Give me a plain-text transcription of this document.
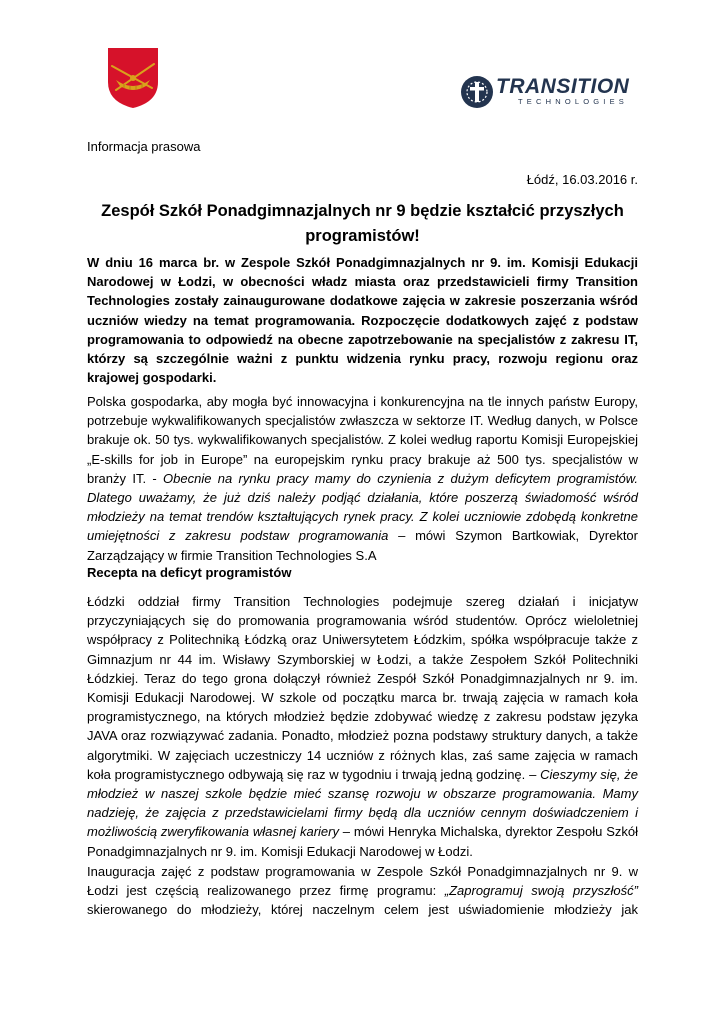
TRANSITION
TECHNOLOGIES
Informacja prasowa
Łódź, 16.03.2016 r.
Zespół Szkół Ponadgimnazjalnych nr 9 będzie kształcić przyszłych programistów!

W dniu 16 marca br. w Zespole Szkół Ponadgimnazjalnych nr 9. im. Komisji Edukacji Narodowej w Łodzi, w obecności władz miasta oraz przedstawicieli firmy Transition Technologies zostały zainaugurowane dodatkowe zajęcia w zakresie poszerzania wśród uczniów wiedzy na temat programowania. Rozpoczęcie dodatkowych zajęć z podstaw programowania to odpowiedź na obecne zapotrzebowanie na specjalistów z zakresu IT, którzy są szczególnie ważni z punktu widzenia rynku pracy, rozwoju regionu oraz krajowej gospodarki.

Polska gospodarka, aby mogła być innowacyjna i konkurencyjna na tle innych państw Europy, potrzebuje wykwalifikowanych specjalistów zwłaszcza w sektorze IT. Według danych, w Polsce brakuje ok. 50 tys. wykwalifikowanych specjalistów. Z kolei według raportu Komisji Europejskiej „E-skills for job in Europe” na europejskim rynku pracy brakuje aż 500 tys. specjalistów w branży IT. - Obecnie na rynku pracy mamy do czynienia z dużym deficytem programistów. Dlatego uważamy, że już dziś należy podjąć działania, które poszerzą świadomość wśród młodzieży na temat trendów kształtujących rynek pracy. Z kolei uczniowie zdobędą konkretne umiejętności z zakresu podstaw programowania – mówi Szymon Bartkowiak, Dyrektor Zarządzający w firmie Transition Technologies S.A

Recepta na deficyt programistów

Łódzki oddział firmy Transition Technologies podejmuje szereg działań i inicjatyw przyczyniających się do promowania programowania wśród studentów. Oprócz wieloletniej współpracy z Politechniką Łódzką oraz Uniwersytetem Łódzkim, spółka współpracuje także z Gimnazjum nr 44 im. Wisławy Szymborskiej w Łodzi, a także Zespołem Szkół Politechniki Łódzkiej. Teraz do tego grona dołączył również Zespół Szkół Ponadgimnazjalnych nr 9. im. Komisji Edukacji Narodowej. W szkole od początku marca br. trwają zajęcia w ramach koła programistycznego, na których młodzież będzie zdobywać wiedzę z zakresu podstaw języka JAVA oraz rozwiązywać zadania. Ponadto, młodzież pozna podstawy struktury danych, a także algorytmiki. W zajęciach uczestniczy 14 uczniów z różnych klas, zaś same zajęcia w ramach koła programistycznego odbywają się raz w tygodniu i trwają jedną godzinę. – Cieszymy się, że młodzież w naszej szkole będzie mieć szansę rozwoju w obszarze programowania. Mamy nadzieję, że zajęcia z przedstawicielami firmy będą dla uczniów cennym doświadczeniem i możliwością zweryfikowania własnej kariery – mówi Henryka Michalska, dyrektor Zespołu Szkół Ponadgimnazjalnych nr 9. im. Komisji Edukacji Narodowej w Łodzi.

Inauguracja zajęć z podstaw programowania w Zespole Szkół Ponadgimnazjalnych nr 9. w Łodzi jest częścią realizowanego przez firmę programu: „Zaprogramuj swoją przyszłość” skierowanego do młodzieży, której naczelnym celem jest uświadomienie młodzieży jak
